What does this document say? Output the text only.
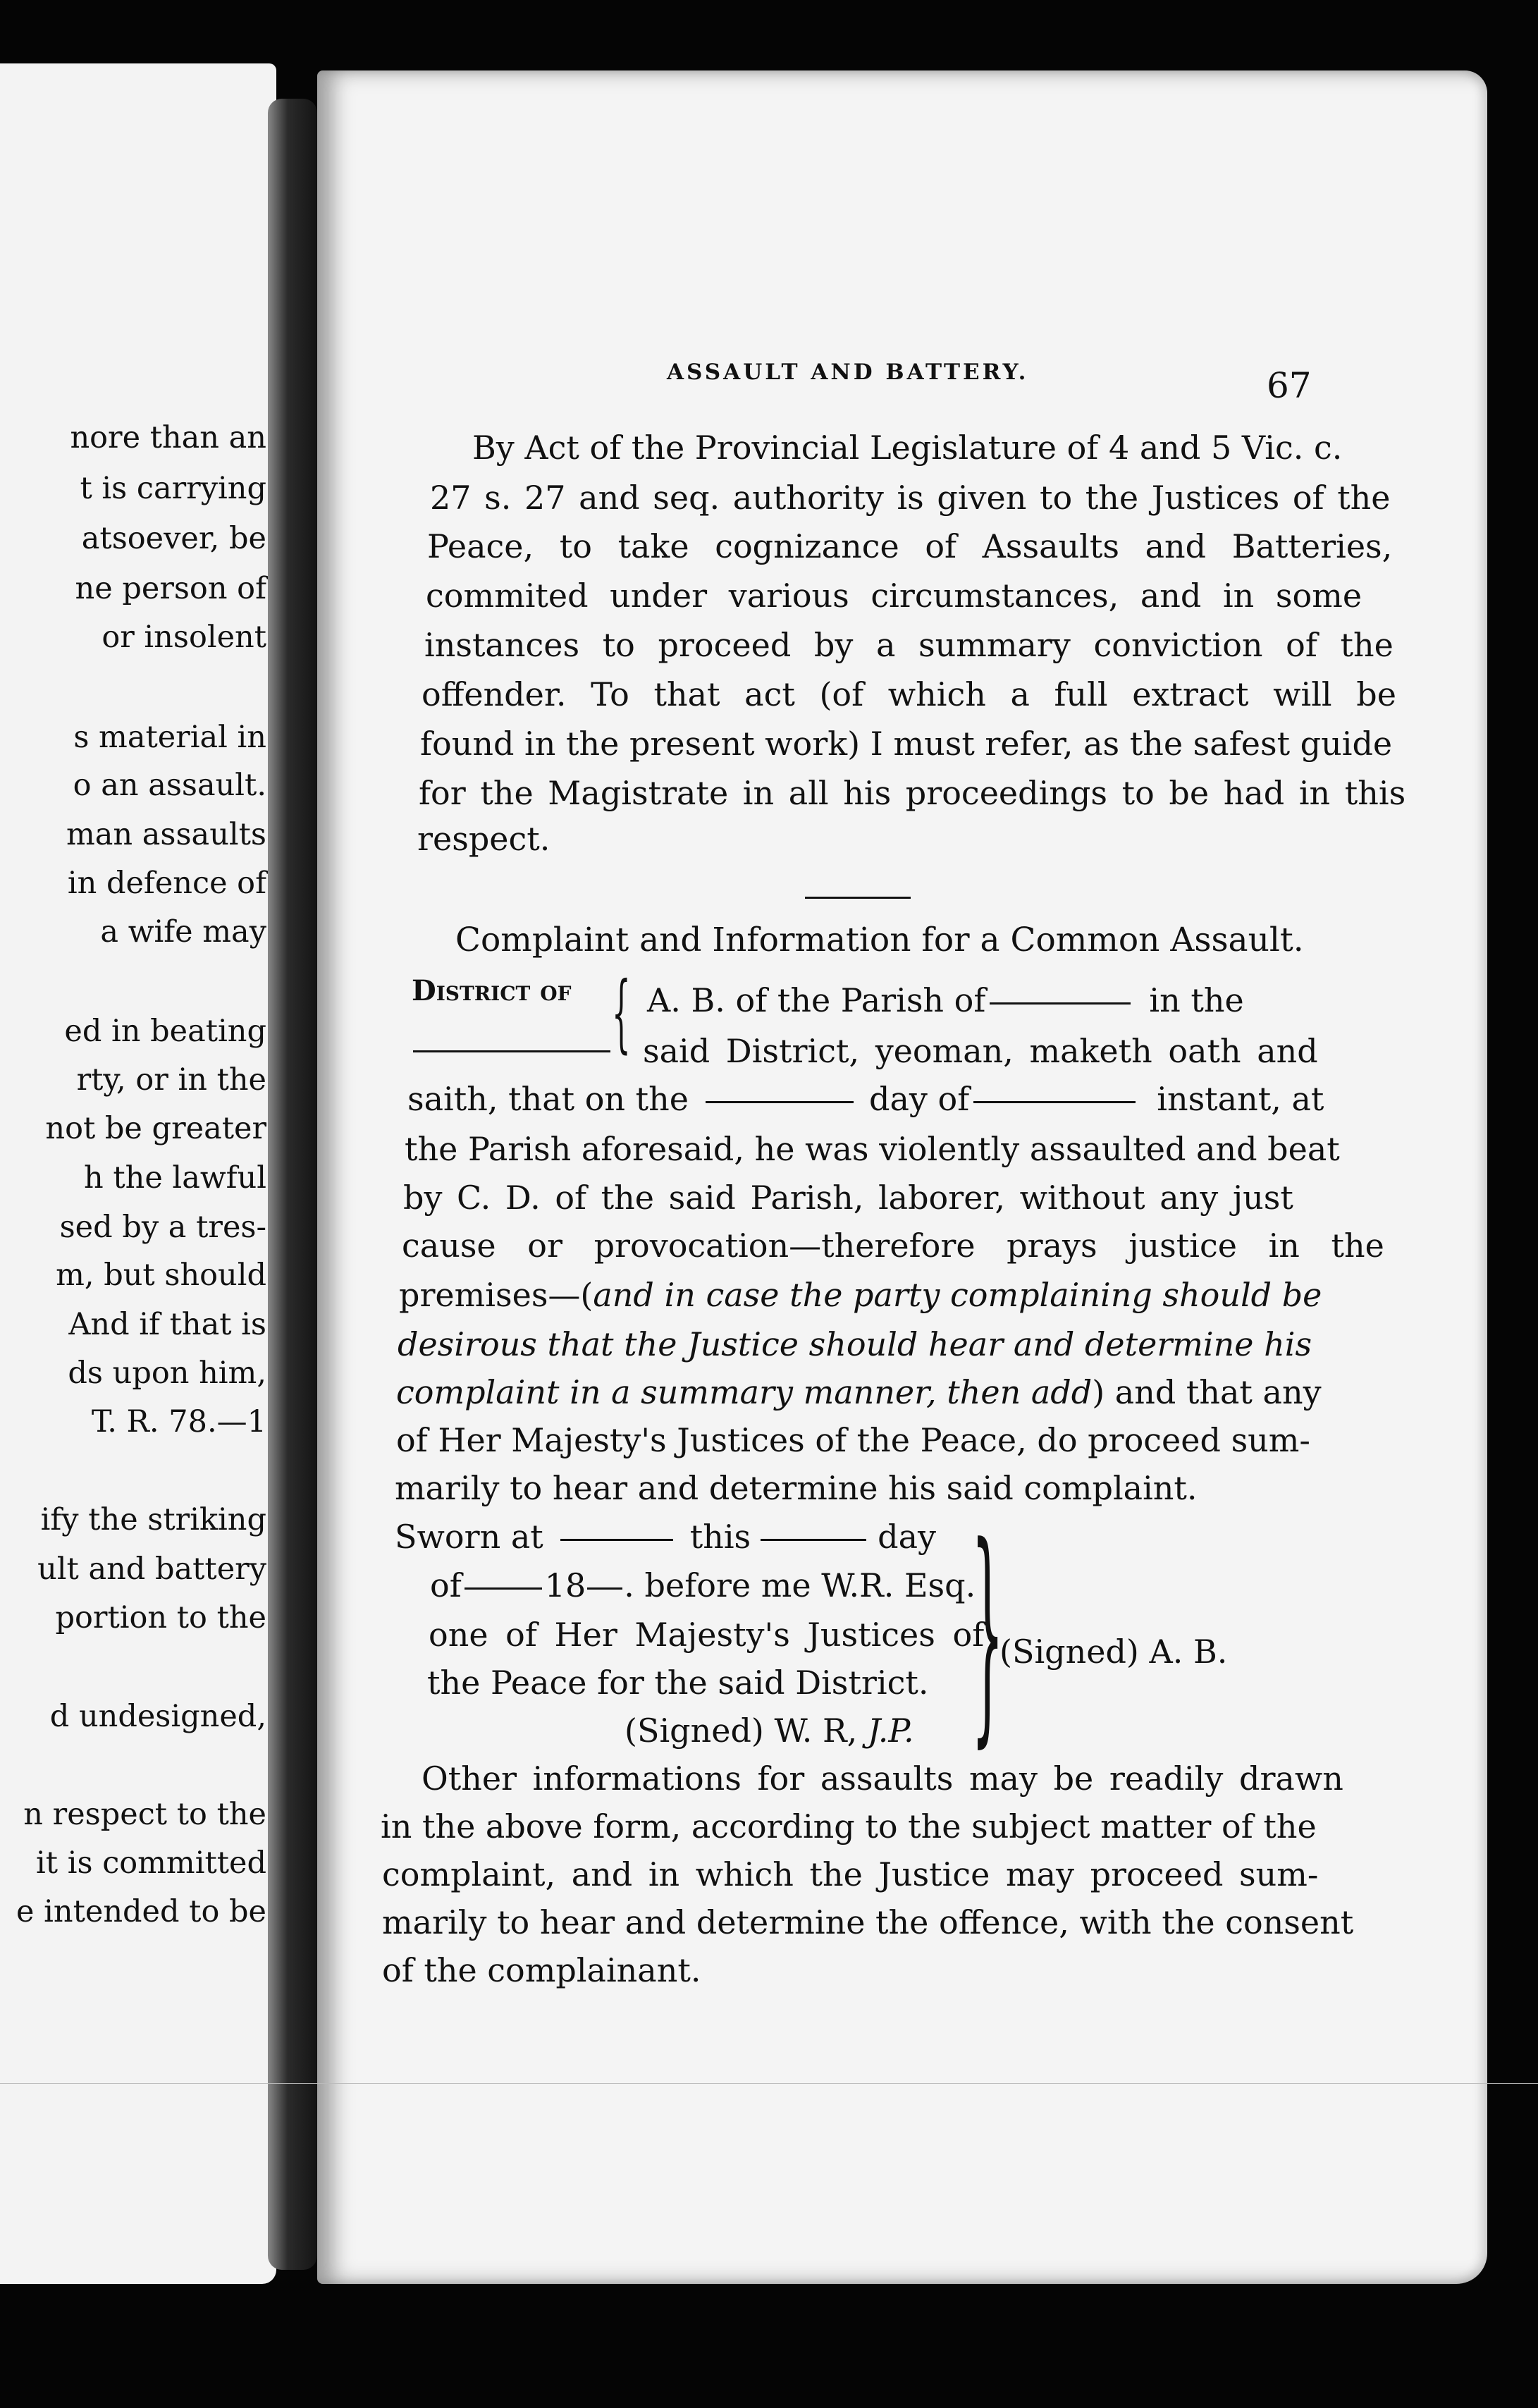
nore than an
t is carrying
atsoever, be
ne person of
or insolent
s material in
o an assault.
man assaults
in defence of
a wife may
ed in beating
rty, or in the
not be greater
h the lawful
sed by a tres-
m, but should
And if that is
ds upon him,
T. R. 78.—1
ify the striking
ult and battery
portion to the
d undesigned,
n respect to the
it is committed
e intended to be
ASSAULT AND BATTERY.	67
By Act of the Provincial Legislature of 4 and 5 Vic. c.
27 s. 27 and seq. authority is given to the Justices of the
Peace, to take cognizance of Assaults and Batteries,
commited under various circumstances, and in some
instances to proceed by a summary conviction of the
offender. To that act (of which a full extract will be
found in the present work) I must refer, as the safest guide
for the Magistrate in all his proceedings to be had in this
respect.
Complaint and Information for a Common Assault.
District of { A. B. of the Parish of	in the
said District, yeoman, maketh oath and
saith, that on the	day of	instant, at
the Parish aforesaid, he was violently assaulted and beat
by C. D. of the said Parish, laborer, without any just
cause or provocation—therefore prays justice in the
premises—(and in case the party complaining should be
desirous that the Justice should hear and determine his
complaint in a summary manner, then add) and that any
of Her Majesty's Justices of the Peace, do proceed sum-
marily to hear and determine his said complaint.
Sworn at	this	day
of	18 . before me W.R. Esq.
one of Her Majesty's Justices of
the Peace for the said District.
(Signed) W. R, J.P. }
(Signed) A. B.
Other informations for assaults may be readily drawn
in the above form, according to the subject matter of the
complaint, and in which the Justice may proceed sum-
marily to hear and determine the offence, with the consent
of the complainant.
